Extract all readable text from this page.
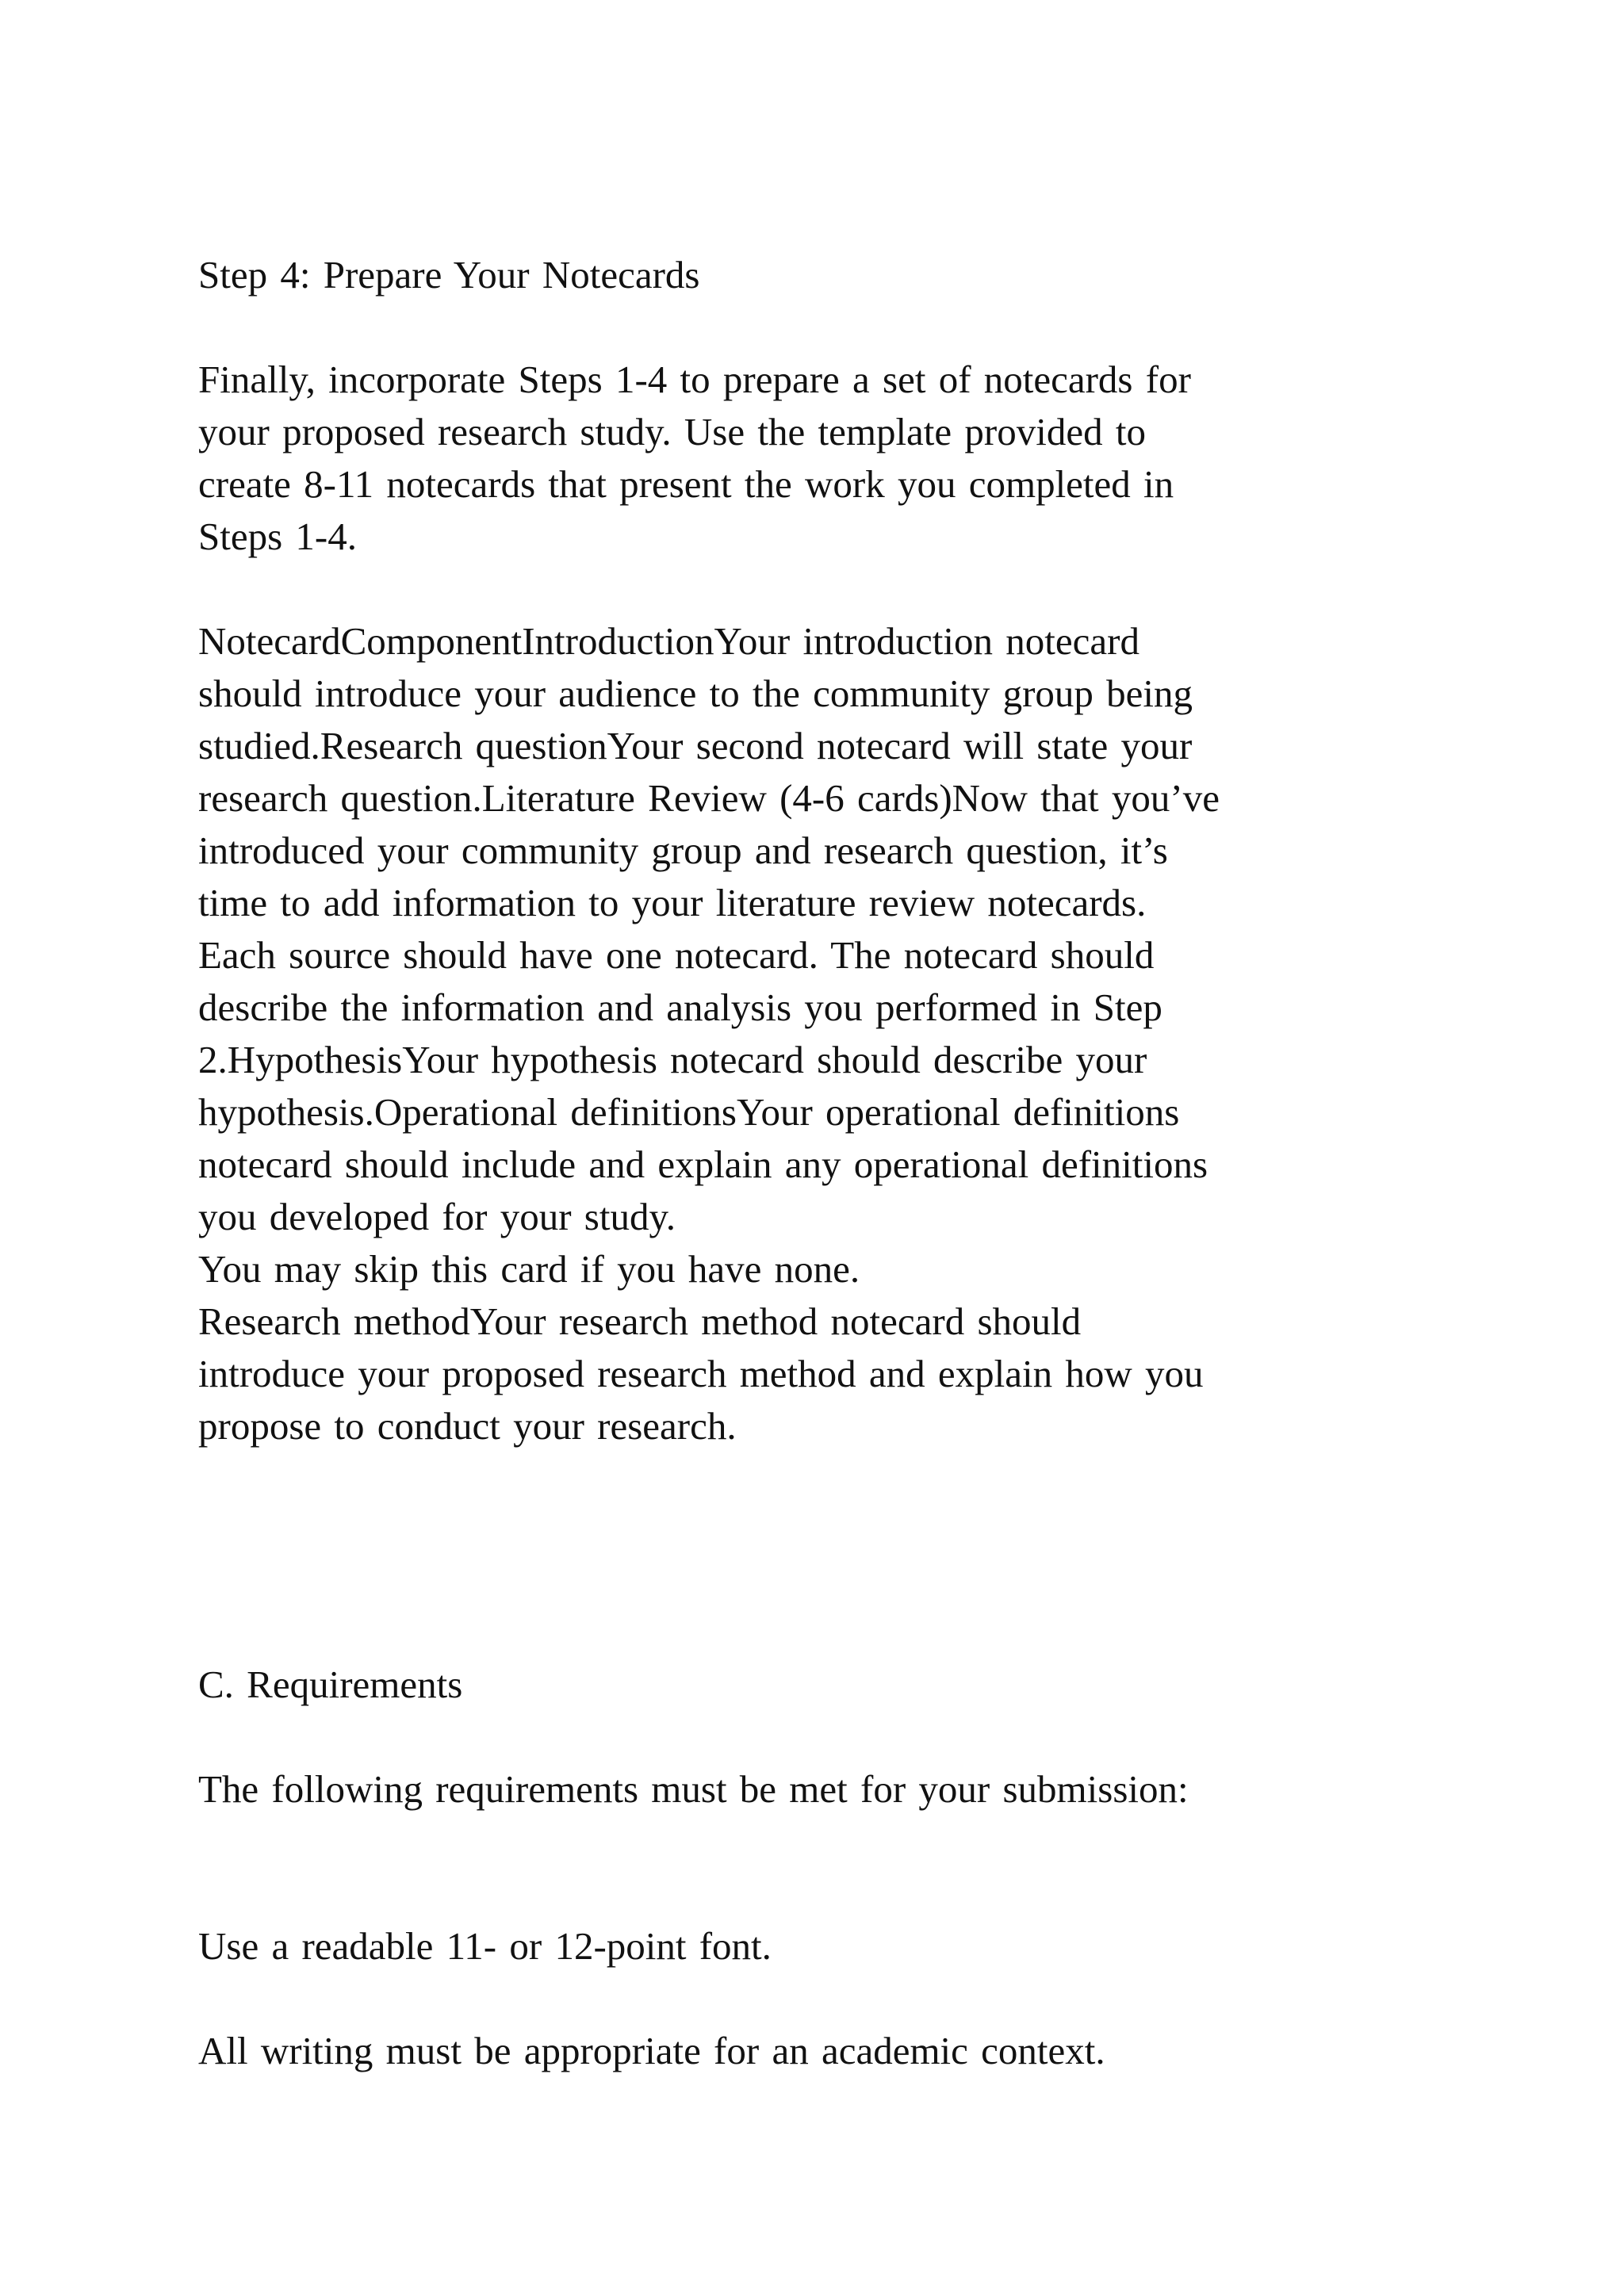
Step 4: Prepare Your Notecards

Finally, incorporate Steps 1-4 to prepare a set of notecards for

your proposed research study. Use the template provided to

create 8-11 notecards that present the work you completed in

Steps 1-4.

NotecardComponentIntroductionYour introduction notecard

should introduce your audience to the community group being

studied.Research questionYour second notecard will state your

research question.Literature Review (4-6 cards)Now that you’ve

introduced your community group and research question, it’s

time to add information to your literature review notecards.

Each source should have one notecard. The notecard should

describe the information and analysis you performed in Step

2.HypothesisYour hypothesis notecard should describe your

hypothesis.Operational definitionsYour operational definitions

notecard should include and explain any operational definitions

you developed for your study.

You may skip this card if you have none.

Research methodYour research method notecard should

introduce your proposed research method and explain how you

propose to conduct your research.

C. Requirements

The following requirements must be met for your submission:

Use a readable 11- or 12-point font.

All writing must be appropriate for an academic context.
